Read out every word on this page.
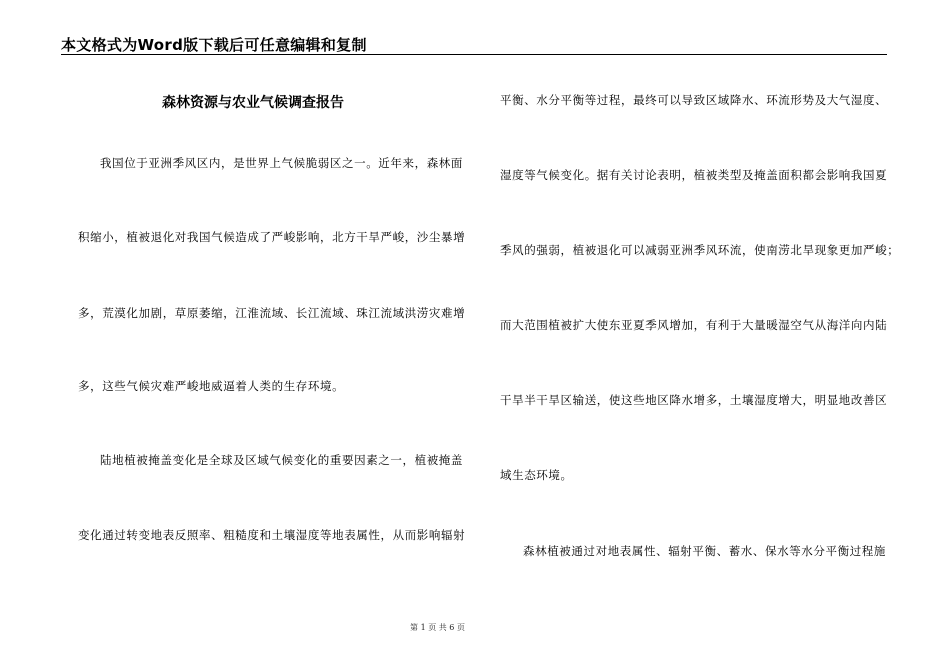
本文格式为Word版下载后可任意编辑和复制
森林资源与农业气候调查报告
我国位于亚洲季风区内，是世界上气候脆弱区之一。近年来，森林面
积缩小，植被退化对我国气候造成了严峻影响，北方干旱严峻，沙尘暴增
多，荒漠化加剧，草原萎缩，江淮流域、长江流域、珠江流域洪涝灾难增
多，这些气候灾难严峻地威逼着人类的生存环境。
陆地植被掩盖变化是全球及区域气候变化的重要因素之一，植被掩盖
变化通过转变地表反照率、粗糙度和土壤湿度等地表属性，从而影响辐射
平衡、水分平衡等过程，最终可以导致区域降水、环流形势及大气湿度、
湿度等气候变化。据有关讨论表明，植被类型及掩盖面积都会影响我国夏
季风的强弱，植被退化可以减弱亚洲季风环流，使南涝北旱现象更加严峻；
而大范围植被扩大使东亚夏季风增加，有利于大量暖湿空气从海洋向内陆
干旱半干旱区输送，使这些地区降水增多，土壤湿度增大，明显地改善区
域生态环境。
森林植被通过对地表属性、辐射平衡、蓄水、保水等水分平衡过程施
第 1 页 共 6 页
